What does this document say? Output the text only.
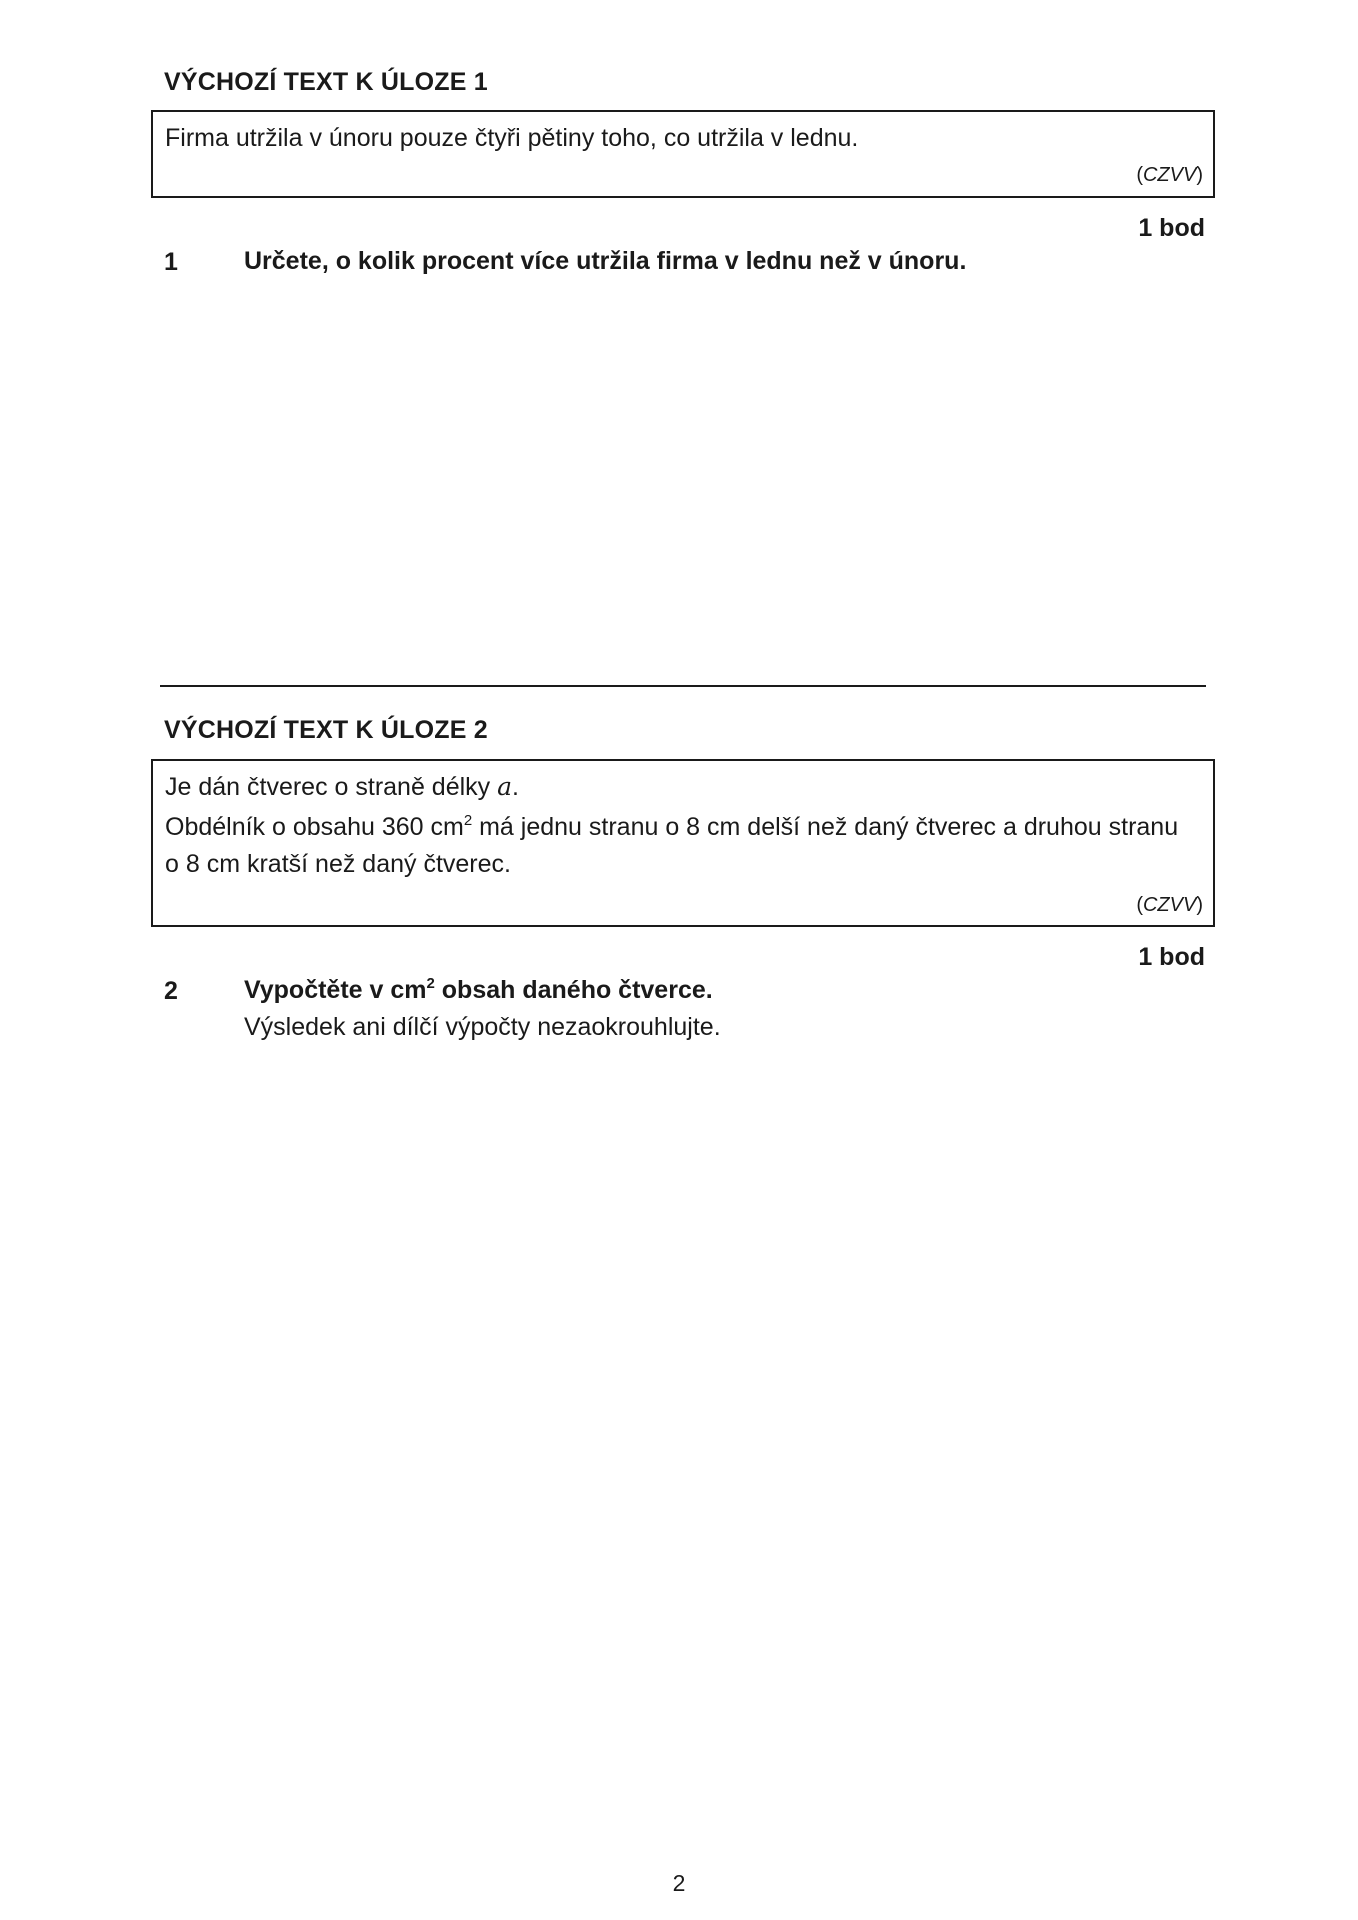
VÝCHOZÍ TEXT K ÚLOZE 1
Firma utržila v únoru pouze čtyři pětiny toho, co utržila v lednu.
(CZVV)
1 bod
1	Určete, o kolik procent více utržila firma v lednu než v únoru.
VÝCHOZÍ TEXT K ÚLOZE 2
Je dán čtverec o straně délky a.
Obdélník o obsahu 360 $cm^2$ má jednu stranu o 8 cm delší než daný čtverec a druhou stranu
o 8 cm kratší než daný čtverec.
(CZVV)
1 bod
2	Vypočtěte v $cm^2$ obsah daného čtverce.
Výsledek ani dílčí výpočty nezaokrouhlujte.
2
